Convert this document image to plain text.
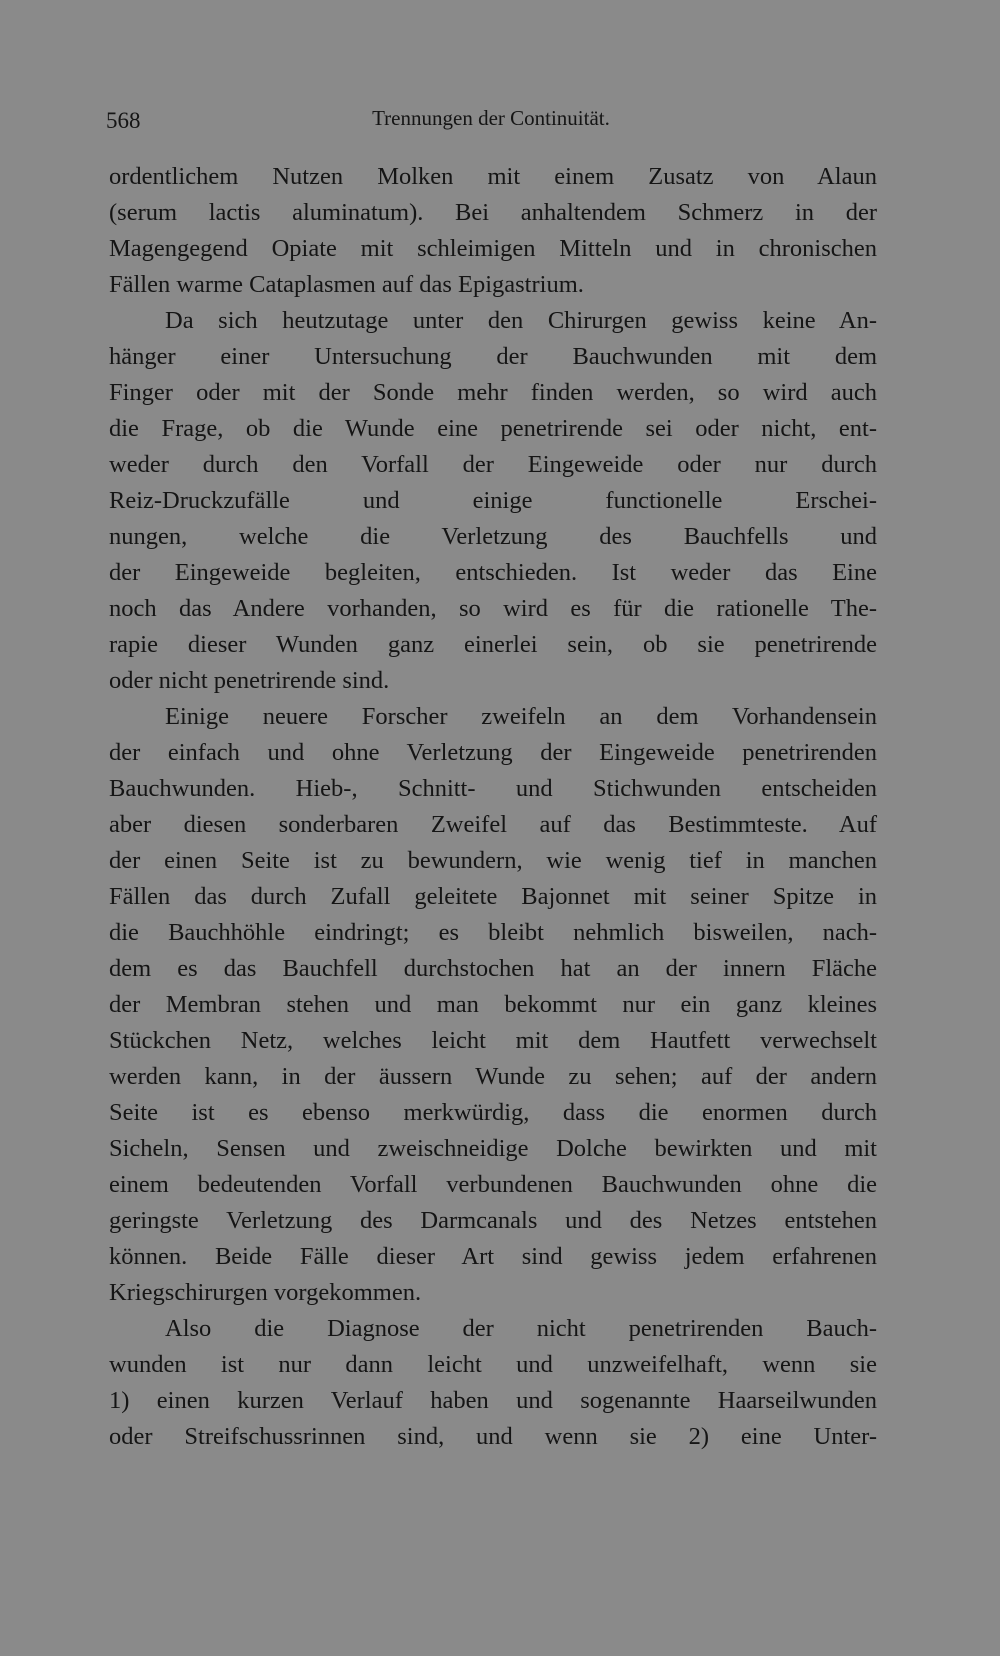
568	Trennungen der Continuität.
ordentlichem Nutzen Molken mit einem Zusatz von Alaun
(serum lactis aluminatum). Bei anhaltendem Schmerz in der
Magengegend Opiate mit schleimigen Mitteln und in chronischen
Fällen warme Cataplasmen auf das Epigastrium.
Da sich heutzutage unter den Chirurgen gewiss keine An-
hänger einer Untersuchung der Bauchwunden mit dem
Finger oder mit der Sonde mehr finden werden, so wird auch
die Frage, ob die Wunde eine penetrirende sei oder nicht, ent-
weder durch den Vorfall der Eingeweide oder nur durch
Reiz-Druckzufälle und einige functionelle Erschei-
nungen, welche die Verletzung des Bauchfells und
der Eingeweide begleiten, entschieden. Ist weder das Eine
noch das Andere vorhanden, so wird es für die rationelle The-
rapie dieser Wunden ganz einerlei sein, ob sie penetrirende
oder nicht penetrirende sind.
Einige neuere Forscher zweifeln an dem Vorhandensein
der einfach und ohne Verletzung der Eingeweide penetrirenden
Bauchwunden. Hieb-, Schnitt- und Stichwunden entscheiden
aber diesen sonderbaren Zweifel auf das Bestimmteste. Auf
der einen Seite ist zu bewundern, wie wenig tief in manchen
Fällen das durch Zufall geleitete Bajonnet mit seiner Spitze in
die Bauchhöhle eindringt; es bleibt nehmlich bisweilen, nach-
dem es das Bauchfell durchstochen hat an der innern Fläche
der Membran stehen und man bekommt nur ein ganz kleines
Stückchen Netz, welches leicht mit dem Hautfett verwechselt
werden kann, in der äussern Wunde zu sehen; auf der andern
Seite ist es ebenso merkwürdig, dass die enormen durch
Sicheln, Sensen und zweischneidige Dolche bewirkten und mit
einem bedeutenden Vorfall verbundenen Bauchwunden ohne die
geringste Verletzung des Darmcanals und des Netzes entstehen
können. Beide Fälle dieser Art sind gewiss jedem erfahrenen
Kriegschirurgen vorgekommen.
Also die Diagnose der nicht penetrirenden Bauch-
wunden ist nur dann leicht und unzweifelhaft, wenn sie
1) einen kurzen Verlauf haben und sogenannte Haarseilwunden
oder Streifschussrinnen sind, und wenn sie 2) eine Unter-
